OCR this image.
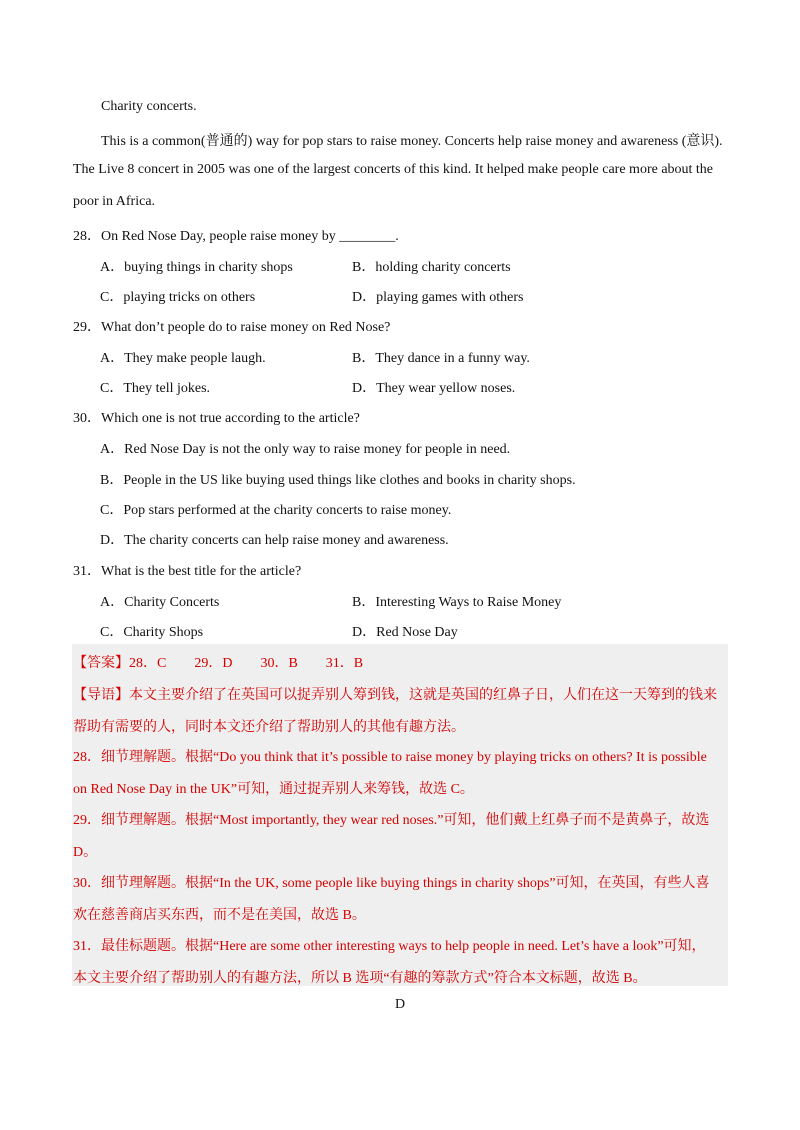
Charity concerts.
This is a common(普通的) way for pop stars to raise money. Concerts help raise money and awareness (意识).
The Live 8 concert in 2005 was one of the largest concerts of this kind. It helped make people care more about the
poor in Africa.
28．On Red Nose Day, people raise money by ________.
A．buying things in charity shops	B．holding charity concerts
C．playing tricks on others	D．playing games with others
29．What don’t people do to raise money on Red Nose?
A．They make people laugh.	B．They dance in a funny way.
C．They tell jokes.	D．They wear yellow noses.
30．Which one is not true according to the article?
A．Red Nose Day is not the only way to raise money for people in need.
B．People in the US like buying used things like clothes and books in charity shops.
C．Pop stars performed at the charity concerts to raise money.
D．The charity concerts can help raise money and awareness.
31．What is the best title for the article?
A．Charity Concerts	B．Interesting Ways to Raise Money
C．Charity Shops	D．Red Nose Day
【答案】28．C　　29．D　　30．B　　31．B
【导语】本文主要介绍了在英国可以捉弄别人筹到钱，这就是英国的红鼻子日，人们在这一天筹到的钱来
帮助有需要的人，同时本文还介绍了帮助别人的其他有趣方法。
28．细节理解题。根据“Do you think that it’s possible to raise money by playing tricks on others? It is possible
on Red Nose Day in the UK”可知，通过捉弄别人来筹钱，故选 C。
29．细节理解题。根据“Most importantly, they wear red noses.”可知，他们戴上红鼻子而不是黄鼻子，故选
D。
30．细节理解题。根据“In the UK, some people like buying things in charity shops”可知，在英国，有些人喜
欢在慈善商店买东西，而不是在美国，故选 B。
31．最佳标题题。根据“Here are some other interesting ways to help people in need. Let’s have a look”可知，
本文主要介绍了帮助别人的有趣方法，所以 B 选项“有趣的筹款方式”符合本文标题，故选 B。
D
